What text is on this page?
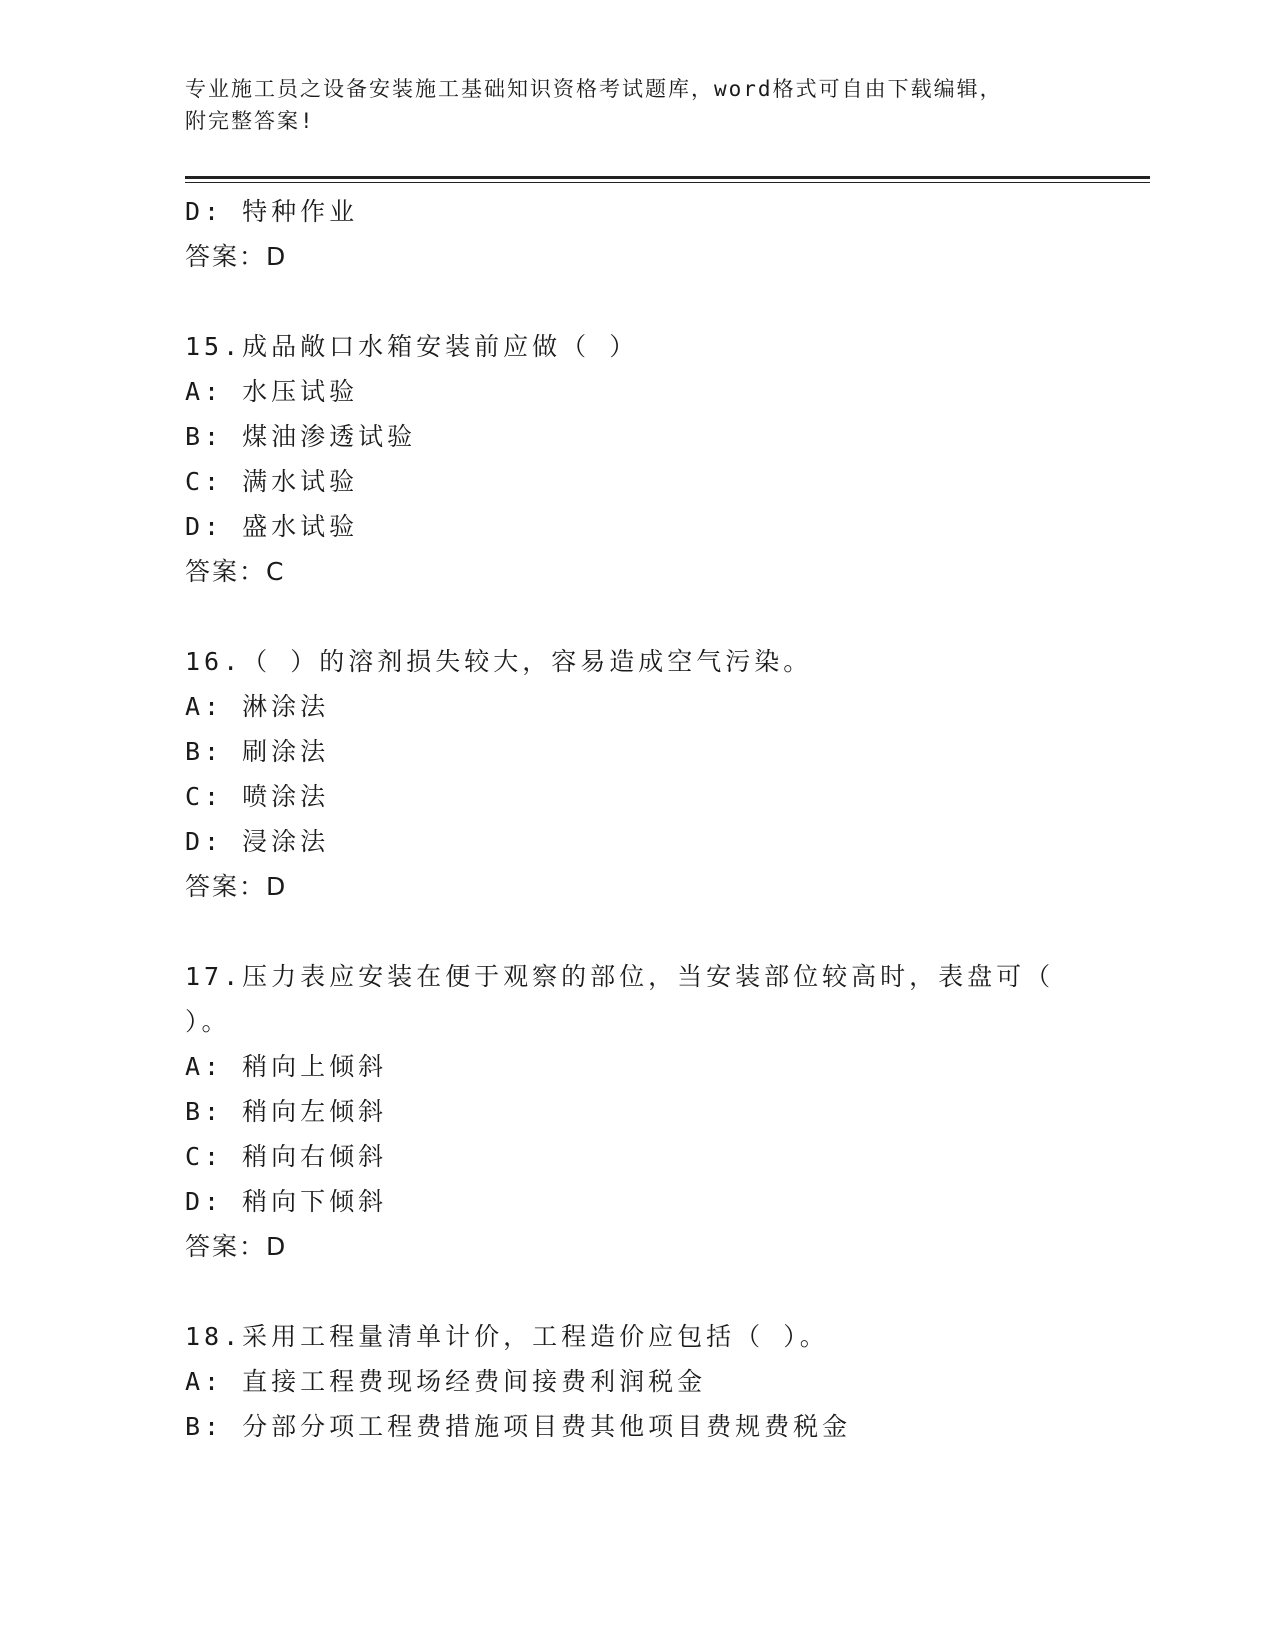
专业施工员之设备安装施工基础知识资格考试题库，word格式可自由下载编辑，
附完整答案!
D: 特种作业
答案：D
15.成品敞口水箱安装前应做（ ）
A: 水压试验
B: 煤油渗透试验
C: 满水试验
D: 盛水试验
答案：C
16.（ ）的溶剂损失较大，容易造成空气污染。
A: 淋涂法
B: 刷涂法
C: 喷涂法
D: 浸涂法
答案：D
17.压力表应安装在便于观察的部位，当安装部位较高时，表盘可（
）。
A: 稍向上倾斜
B: 稍向左倾斜
C: 稍向右倾斜
D: 稍向下倾斜
答案：D
18.采用工程量清单计价，工程造价应包括（ ）。
A: 直接工程费现场经费间接费利润税金
B: 分部分项工程费措施项目费其他项目费规费税金
